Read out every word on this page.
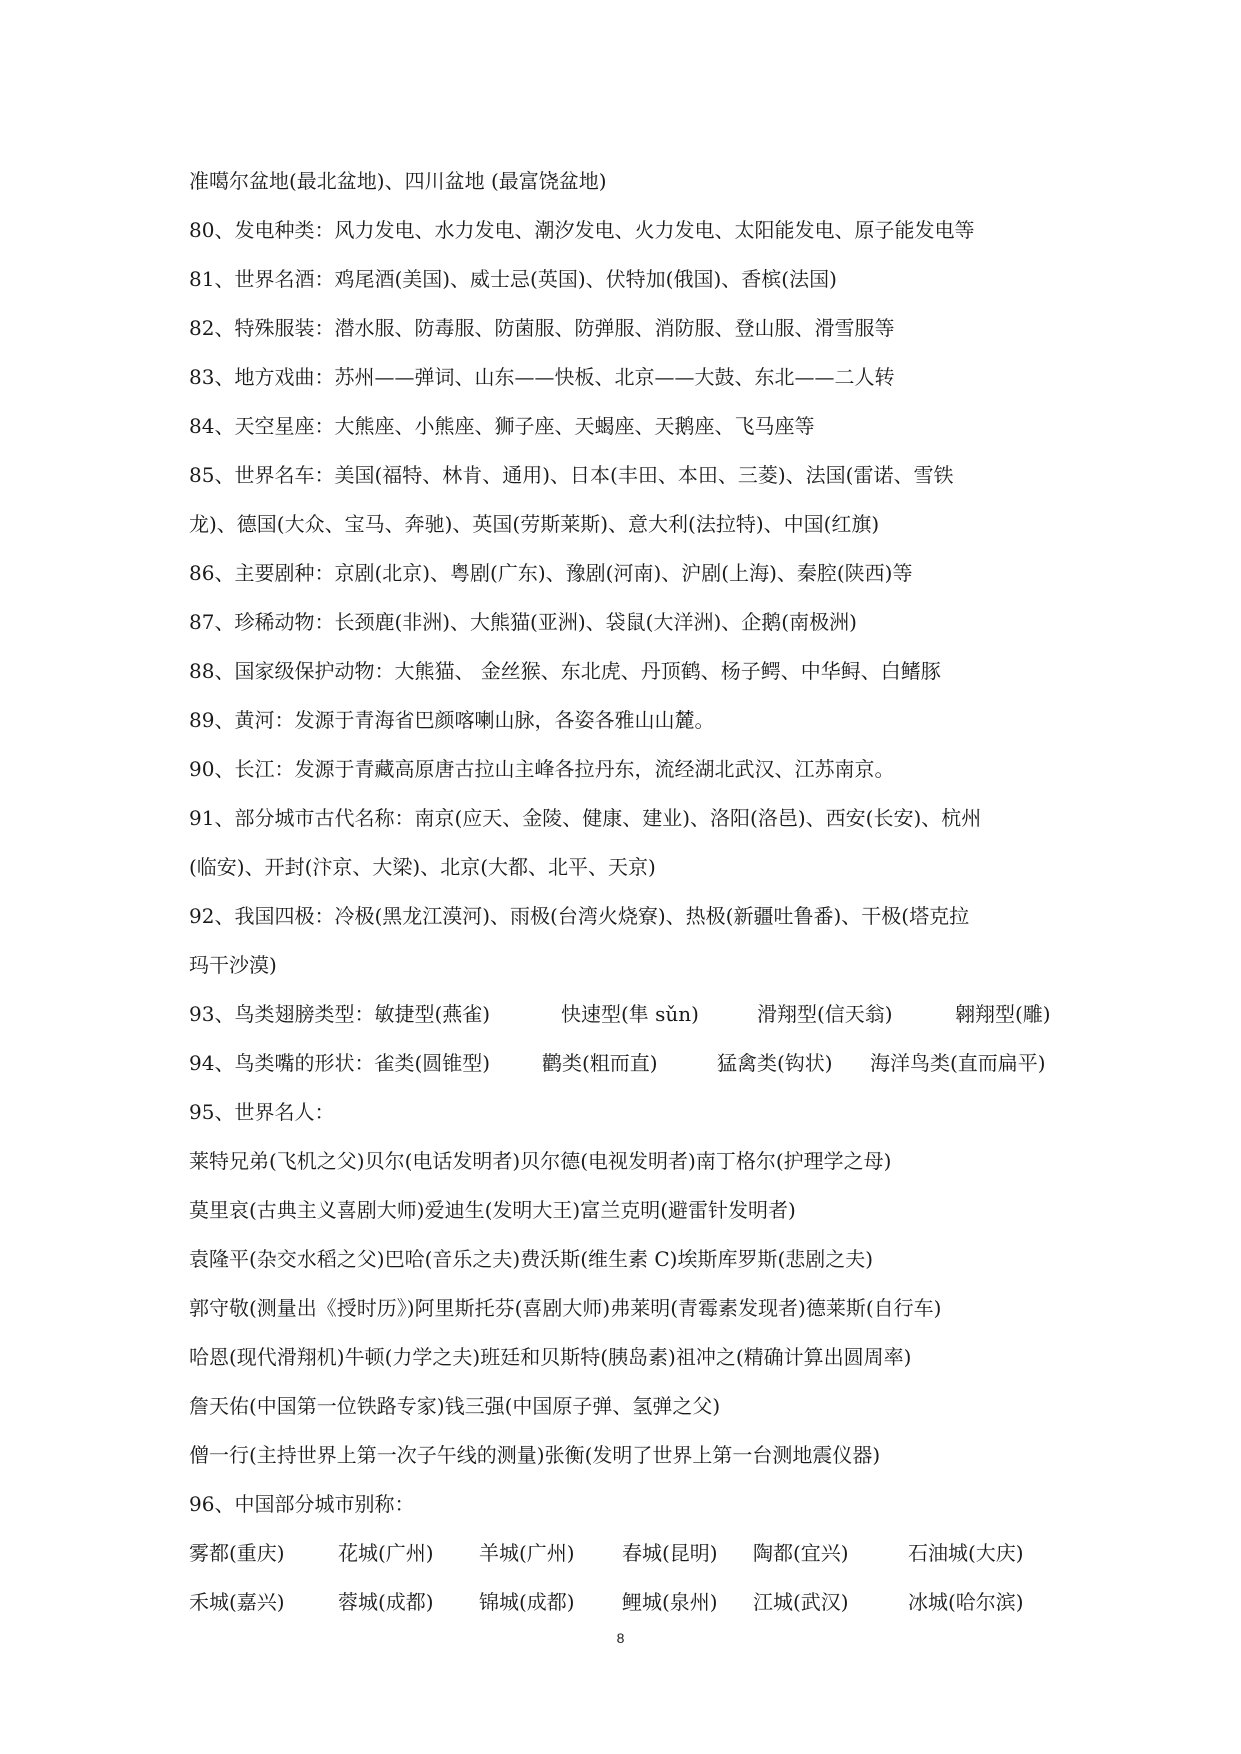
准噶尔盆地(最北盆地)、四川盆地 (最富饶盆地)
80、发电种类：风力发电、水力发电、潮汐发电、火力发电、太阳能发电、原子能发电等
81、世界名酒：鸡尾酒(美国)、威士忌(英国)、伏特加(俄国)、香槟(法国)
82、特殊服装：潜水服、防毒服、防菌服、防弹服、消防服、登山服、滑雪服等
83、地方戏曲：苏州——弹词、山东——快板、北京——大鼓、东北——二人转
84、天空星座：大熊座、小熊座、狮子座、天蝎座、天鹅座、飞马座等
85、世界名车：美国(福特、林肯、通用)、日本(丰田、本田、三菱)、法国(雷诺、雪铁
龙)、德国(大众、宝马、奔驰)、英国(劳斯莱斯)、意大利(法拉特)、中国(红旗)
86、主要剧种：京剧(北京)、粤剧(广东)、豫剧(河南)、沪剧(上海)、秦腔(陕西)等
87、珍稀动物：长颈鹿(非洲)、大熊猫(亚洲)、袋鼠(大洋洲)、企鹅(南极洲)
88、国家级保护动物：大熊猫、 金丝猴、东北虎、丹顶鹤、杨子鳄、中华鲟、白鳍豚
89、黄河：发源于青海省巴颜喀喇山脉，各姿各雅山山麓。
90、长江：发源于青藏高原唐古拉山主峰各拉丹东，流经湖北武汉、江苏南京。
91、部分城市古代名称：南京(应天、金陵、健康、建业)、洛阳(洛邑)、西安(长安)、杭州
(临安)、开封(汴京、大梁)、北京(大都、北平、天京)
92、我国四极：冷极(黑龙江漠河)、雨极(台湾火烧寮)、热极(新疆吐鲁番)、干极(塔克拉
玛干沙漠)
93、鸟类翅膀类型：敏捷型(燕雀)	快速型(隼 sǔn)	滑翔型(信天翁)	翱翔型(雕)
94、鸟类嘴的形状：雀类(圆锥型)	鹳类(粗而直)	猛禽类(钩状)	海洋鸟类(直而扁平)
95、世界名人：
莱特兄弟(飞机之父)贝尔(电话发明者)贝尔德(电视发明者)南丁格尔(护理学之母)
莫里哀(古典主义喜剧大师)爱迪生(发明大王)富兰克明(避雷针发明者)
袁隆平(杂交水稻之父)巴哈(音乐之夫)费沃斯(维生素 C)埃斯库罗斯(悲剧之夫)
郭守敬(测量出《授时历》)阿里斯托芬(喜剧大师)弗莱明(青霉素发现者)德莱斯(自行车)
哈恩(现代滑翔机)牛顿(力学之夫)班廷和贝斯特(胰岛素)祖冲之(精确计算出圆周率)
詹天佑(中国第一位铁路专家)钱三强(中国原子弹、氢弹之父)
僧一行(主持世界上第一次子午线的测量)张衡(发明了世界上第一台测地震仪器)
96、中国部分城市别称：
雾都(重庆)	花城(广州)	羊城(广州)	春城(昆明)	陶都(宜兴)	石油城(大庆)
禾城(嘉兴)	蓉城(成都)	锦城(成都)	鲤城(泉州)	江城(武汉)	冰城(哈尔滨)
8
